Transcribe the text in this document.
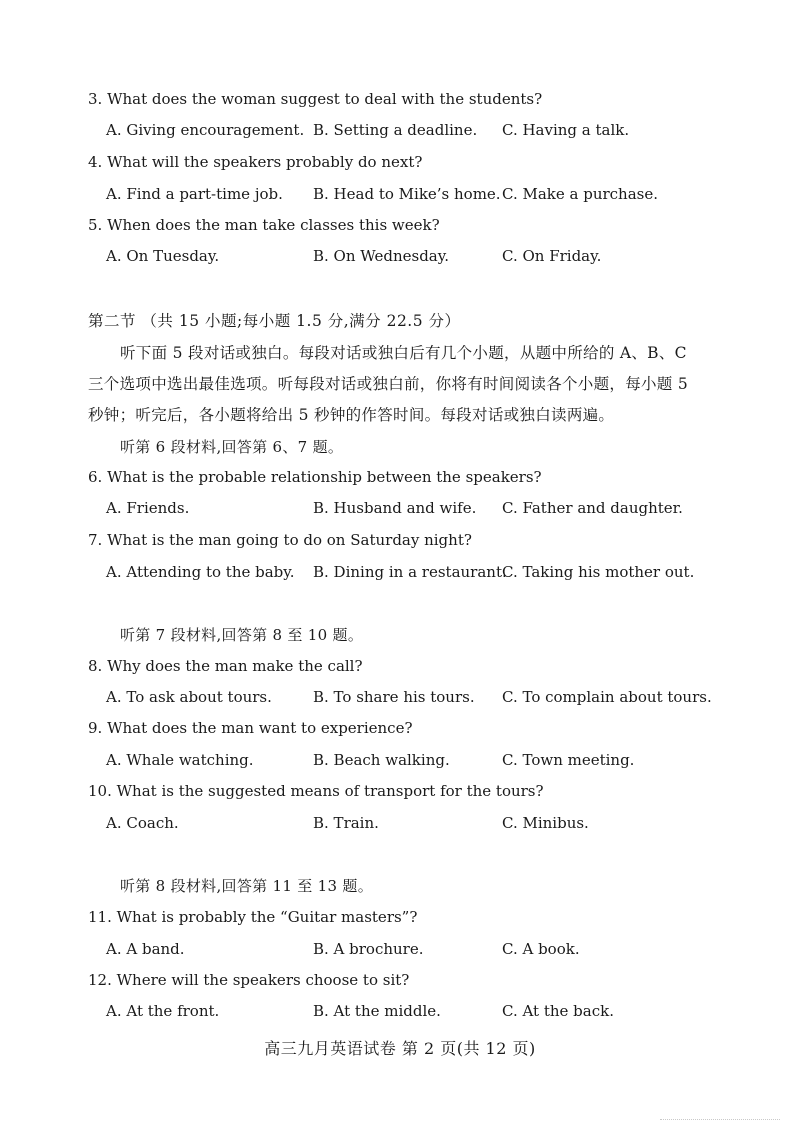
3. What does the woman suggest to deal with the students?
A. Giving encouragement. B. Setting a deadline. C. Having a talk.
4. What will the speakers probably do next?
A. Find a part-time job. B. Head to Mike’s home. C. Make a purchase.
5. When does the man take classes this week?
A. On Tuesday.	B. On Wednesday.	C. On Friday.
第二节 （共 15 小题;每小题 1.5 分,满分 22.5 分）
听下面 5 段对话或独白。每段对话或独白后有几个小题，从题中所给的 A、B、C
三个选项中选出最佳选项。听每段对话或独白前，你将有时间阅读各个小题，每小题 5
秒钟；听完后，各小题将给出 5 秒钟的作答时间。每段对话或独白读两遍。
听第 6 段材料,回答第 6、7 题。
6. What is the probable relationship between the speakers?
A. Friends.	B. Husband and wife. C. Father and daughter.
7. What is the man going to do on Saturday night?
A. Attending to the baby. B. Dining in a restaurant.
C. Taking his mother out.
听第 7 段材料,回答第 8 至 10 题。
8. Why does the man make the call?
A. To ask about tours.	B. To share his tours. C. To complain about tours.
9. What does the man want to experience?
A. Whale watching.	B. Beach walking.	C. Town meeting.
10. What is the suggested means of transport for the tours?
A. Coach.	B. Train.	C. Minibus.
听第 8 段材料,回答第 11 至 13 题。
11. What is probably the “Guitar masters”?
A. A band.	B. A brochure.	C. A book.
12. Where will the speakers choose to sit?
A. At the front.	B. At the middle.	C. At the back.
高三九月英语试卷 第 2 页(共 12 页)
